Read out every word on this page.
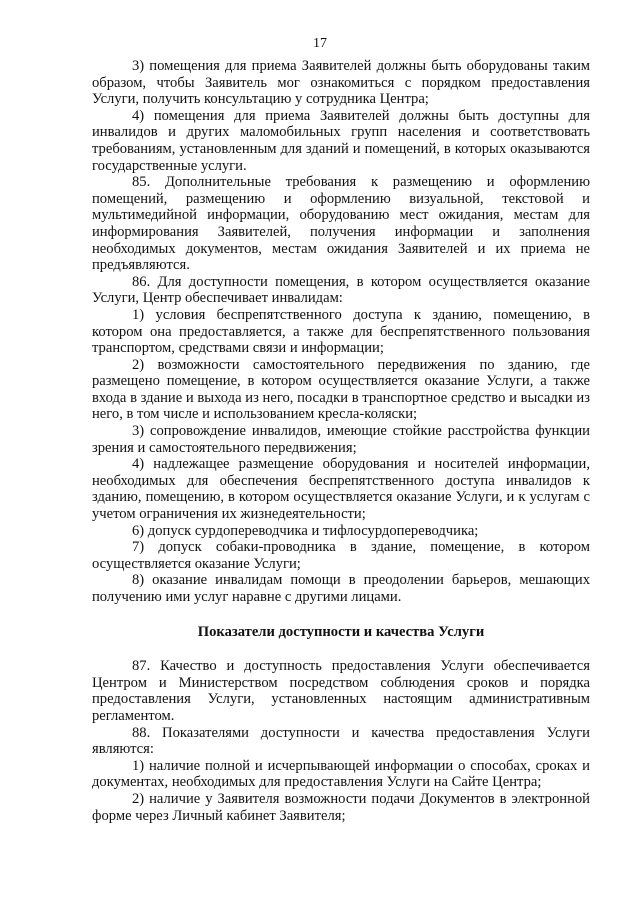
17

3) помещения для приема Заявителей должны быть оборудованы таким образом, чтобы Заявитель мог ознакомиться с порядком предоставления Услуги, получить консультацию у сотрудника Центра;

4) помещения для приема Заявителей должны быть доступны для инвалидов и других маломобильных групп населения и соответствовать требованиям, установленным для зданий и помещений, в которых оказываются государственные услуги.

85. Дополнительные требования к размещению и оформлению помещений, размещению и оформлению визуальной, текстовой и мультимедийной информации, оборудованию мест ожидания, местам для информирования Заявителей, получения информации и заполнения необходимых документов, местам ожидания Заявителей и их приема не предъявляются.

86. Для доступности помещения, в котором осуществляется оказание Услуги, Центр обеспечивает инвалидам:

1) условия беспрепятственного доступа к зданию, помещению, в котором она предоставляется, а также для беспрепятственного пользования транспортом, средствами связи и информации;

2) возможности самостоятельного передвижения по зданию, где размещено помещение, в котором осуществляется оказание Услуги, а также входа в здание и выхода из него, посадки в транспортное средство и высадки из него, в том числе и использованием кресла-коляски;

3) сопровождение инвалидов, имеющие стойкие расстройства функции зрения и самостоятельного передвижения;

4) надлежащее размещение оборудования и носителей информации, необходимых для обеспечения беспрепятственного доступа инвалидов к зданию, помещению, в котором осуществляется оказание Услуги, и к услугам с учетом ограничения их жизнедеятельности;

6) допуск сурдопереводчика и тифлосурдопереводчика;

7) допуск собаки-проводника в здание, помещение, в котором осуществляется оказание Услуги;

8) оказание инвалидам помощи в преодолении барьеров, мешающих получению ими услуг наравне с другими лицами.

Показатели доступности и качества Услуги

87. Качество и доступность предоставления Услуги обеспечивается Центром и Министерством посредством соблюдения сроков и порядка предоставления Услуги, установленных настоящим административным регламентом.

88. Показателями доступности и качества предоставления Услуги являются:

1) наличие полной и исчерпывающей информации о способах, сроках и документах, необходимых для предоставления Услуги на Сайте Центра;

2) наличие у Заявителя возможности подачи Документов в электронной форме через Личный кабинет Заявителя;
